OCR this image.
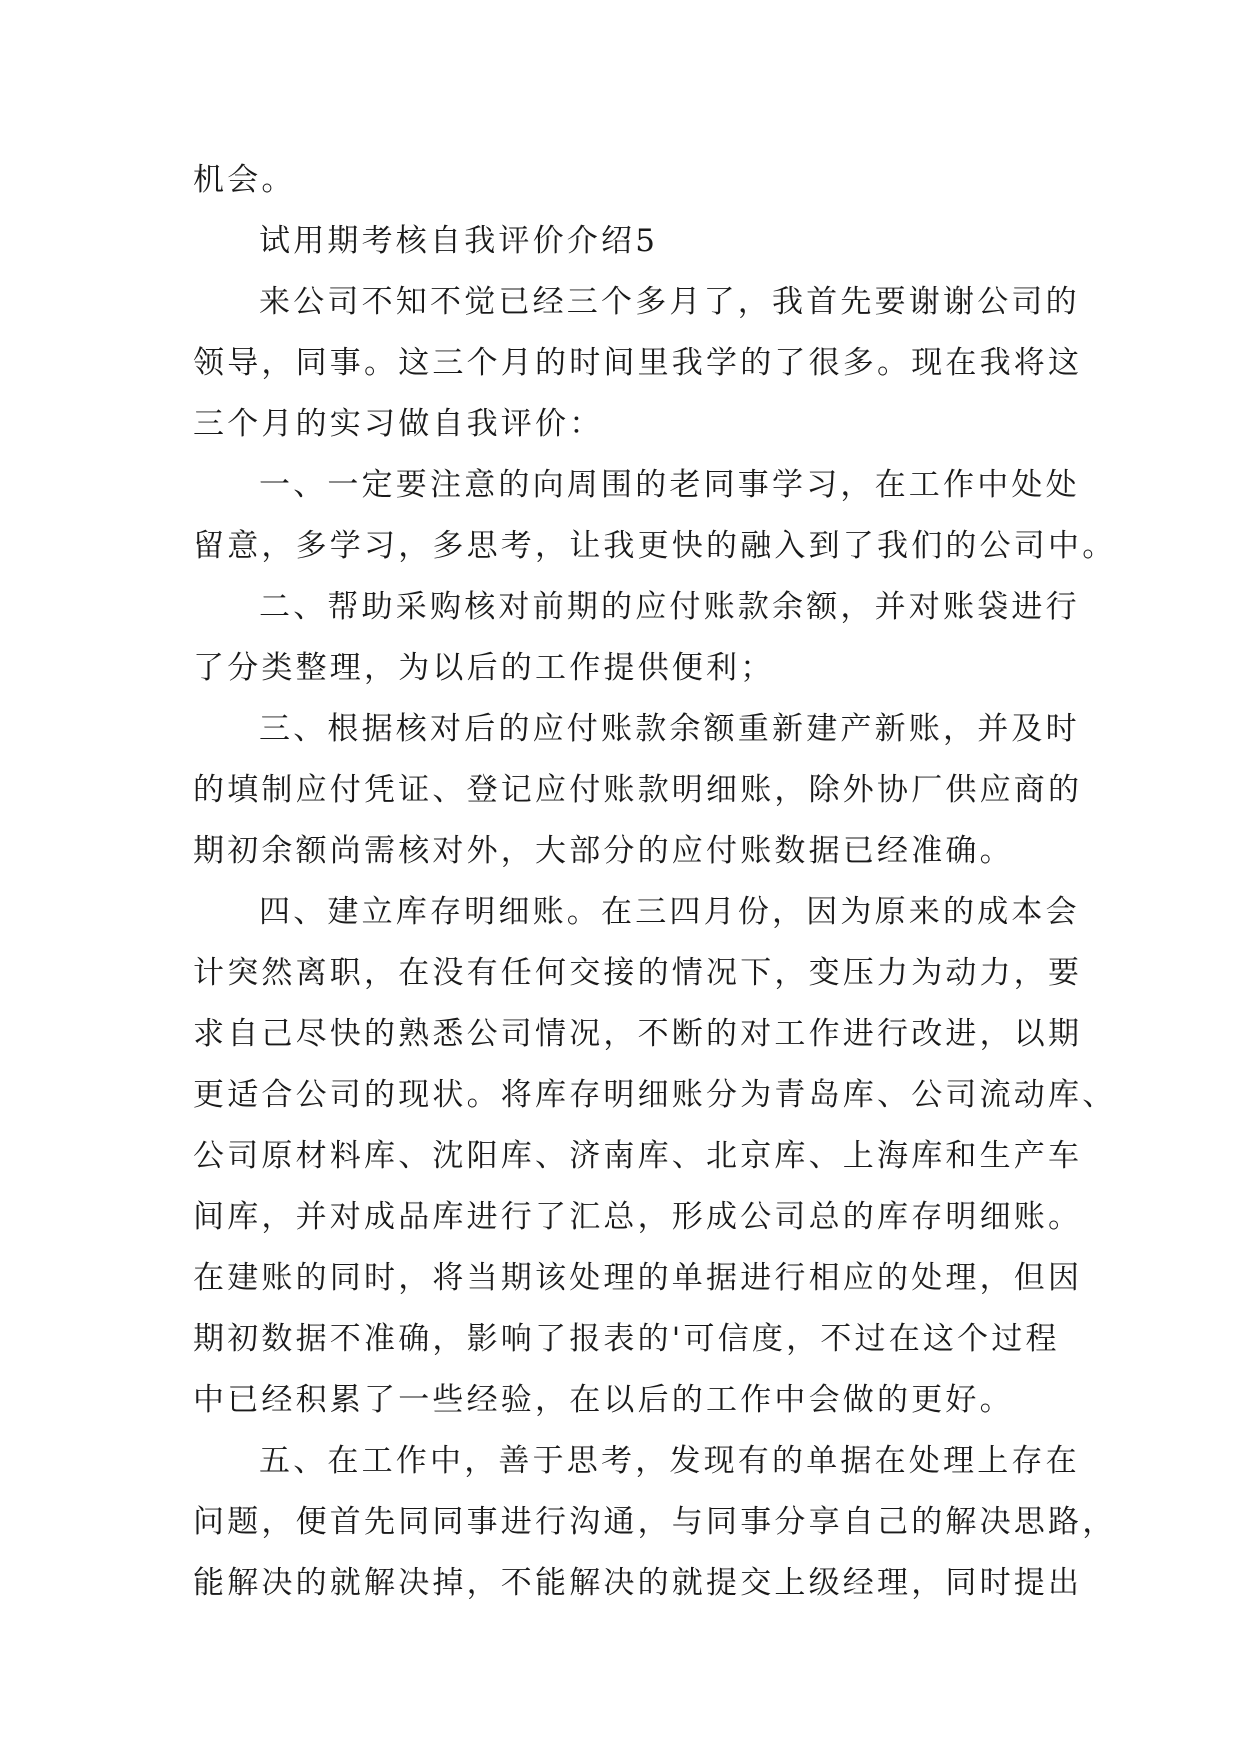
机会。
试用期考核自我评价介绍5
来公司不知不觉已经三个多月了，我首先要谢谢公司的
领导，同事。这三个月的时间里我学的了很多。现在我将这
三个月的实习做自我评价：
一、一定要注意的向周围的老同事学习，在工作中处处
留意，多学习，多思考，让我更快的融入到了我们的公司中。
二、帮助采购核对前期的应付账款余额，并对账袋进行
了分类整理，为以后的工作提供便利；
三、根据核对后的应付账款余额重新建产新账，并及时
的填制应付凭证、登记应付账款明细账，除外协厂供应商的
期初余额尚需核对外，大部分的应付账数据已经准确。
四、建立库存明细账。在三四月份，因为原来的成本会
计突然离职，在没有任何交接的情况下，变压力为动力，要
求自己尽快的熟悉公司情况，不断的对工作进行改进，以期
更适合公司的现状。将库存明细账分为青岛库、公司流动库、
公司原材料库、沈阳库、济南库、北京库、上海库和生产车
间库，并对成品库进行了汇总，形成公司总的库存明细账。
在建账的同时，将当期该处理的单据进行相应的处理，但因
期初数据不准确，影响了报表的'可信度，不过在这个过程
中已经积累了一些经验，在以后的工作中会做的更好。
五、在工作中，善于思考，发现有的单据在处理上存在
问题，便首先同同事进行沟通，与同事分享自己的解决思路，
能解决的就解决掉，不能解决的就提交上级经理，同时提出
